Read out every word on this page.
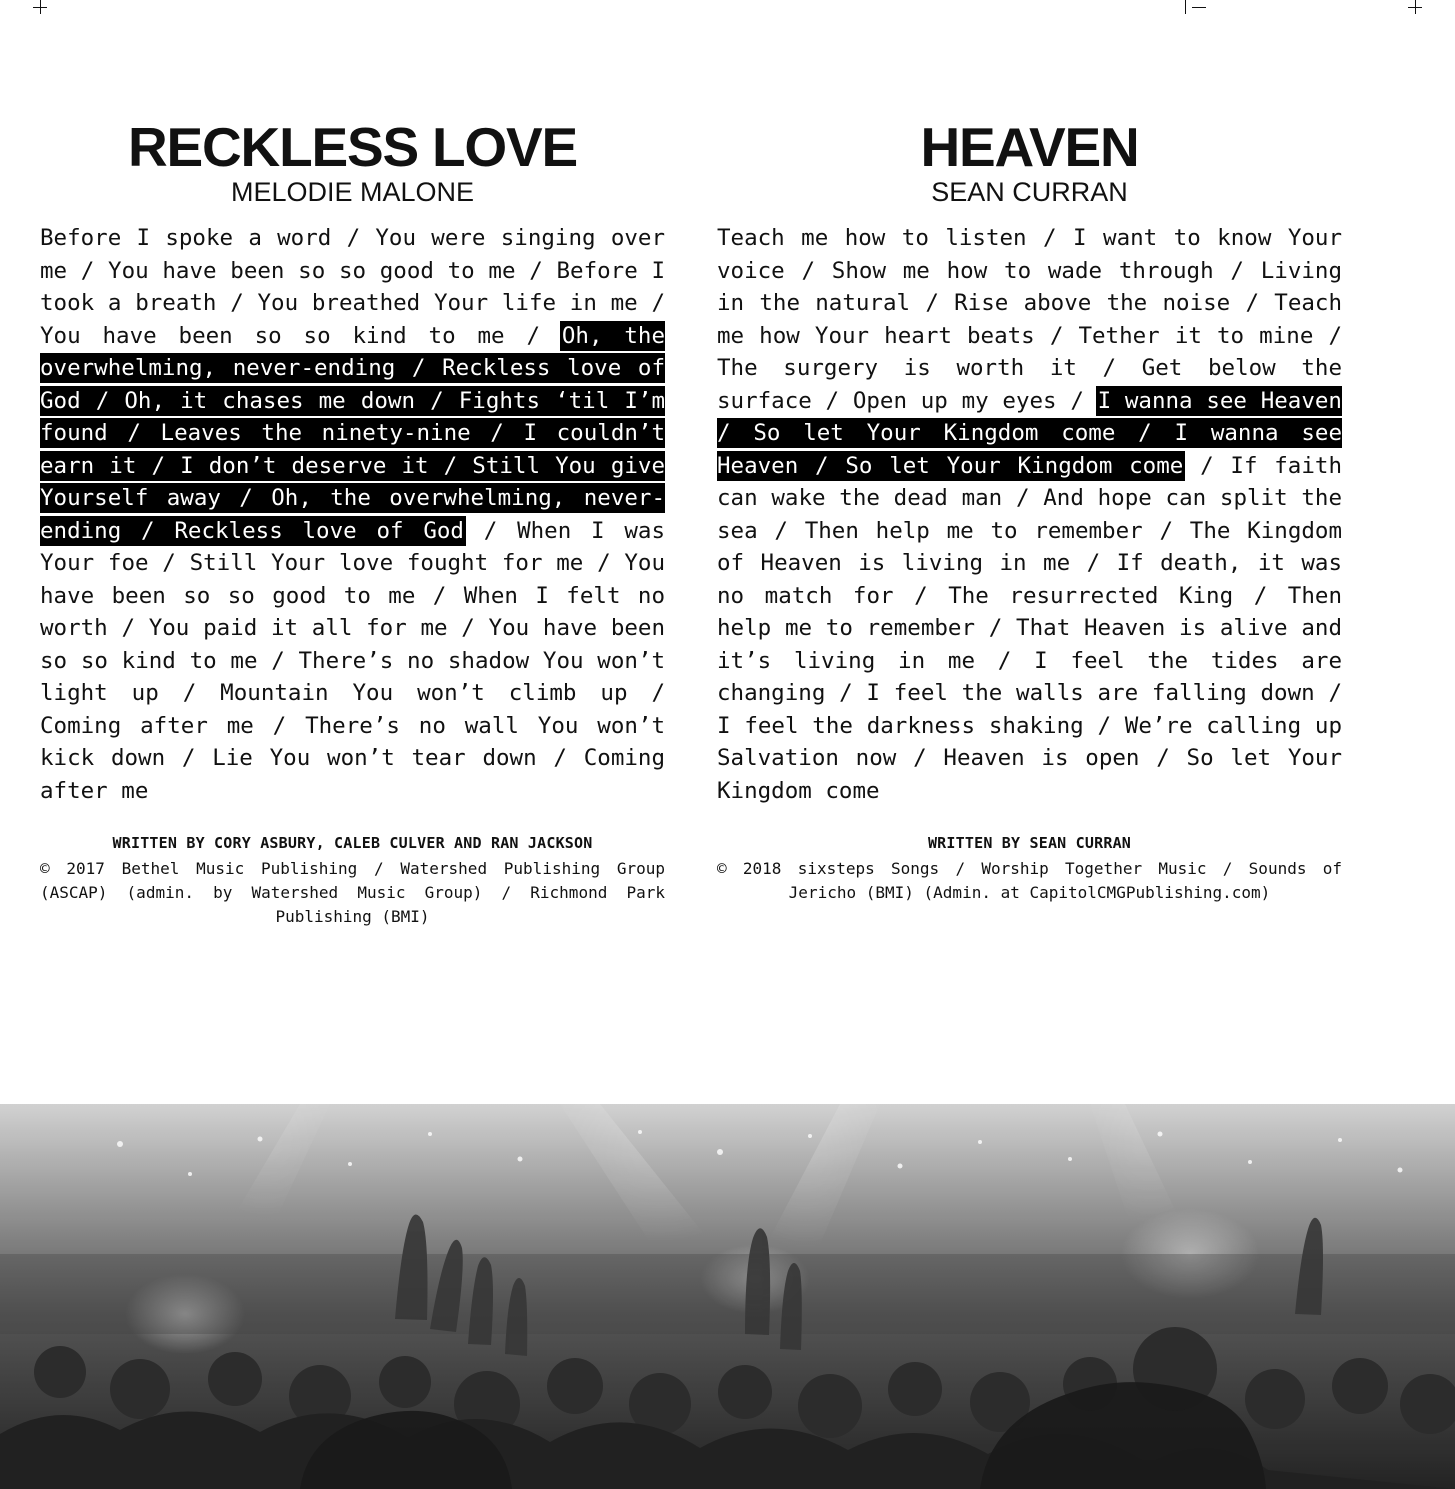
RECKLESS LOVE
MELODIE MALONE
Before I spoke a word / You were singing over me / You have been so so good to me / Before I took a breath / You breathed Your life in me / You have been so so kind to me / Oh, the overwhelming, never-ending / Reckless love of God / Oh, it chases me down / Fights ‘til I’m found / Leaves the ninety-nine / I couldn’t earn it / I don’t deserve it / Still You give Yourself away / Oh, the overwhelming, never-ending / Reckless love of God / When I was Your foe / Still Your love fought for me / You have been so so good to me / When I felt no worth / You paid it all for me / You have been so so kind to me / There’s no shadow You won’t light up / Mountain You won’t climb up / Coming after me / There’s no wall You won’t kick down / Lie You won’t tear down / Coming after me
WRITTEN BY CORY ASBURY, CALEB CULVER AND RAN JACKSON
© 2017 Bethel Music Publishing / Watershed Publishing Group (ASCAP) (admin. by Watershed Music Group) / Richmond Park Publishing (BMI)
HEAVEN
SEAN CURRAN
Teach me how to listen / I want to know Your voice / Show me how to wade through / Living in the natural / Rise above the noise / Teach me how Your heart beats / Tether it to mine / The surgery is worth it / Get below the surface / Open up my eyes / I wanna see Heaven / So let Your Kingdom come / I wanna see Heaven / So let Your Kingdom come / If faith can wake the dead man / And hope can split the sea / Then help me to remember / The Kingdom of Heaven is living in me / If death, it was no match for / The resurrected King / Then help me to remember / That Heaven is alive and it’s living in me / I feel the tides are changing / I feel the walls are falling down / I feel the darkness shaking / We’re calling up Salvation now / Heaven is open / So let Your Kingdom come
WRITTEN BY SEAN CURRAN
© 2018 sixsteps Songs / Worship Together Music / Sounds of Jericho (BMI) (Admin. at CapitolCMGPublishing.com)
